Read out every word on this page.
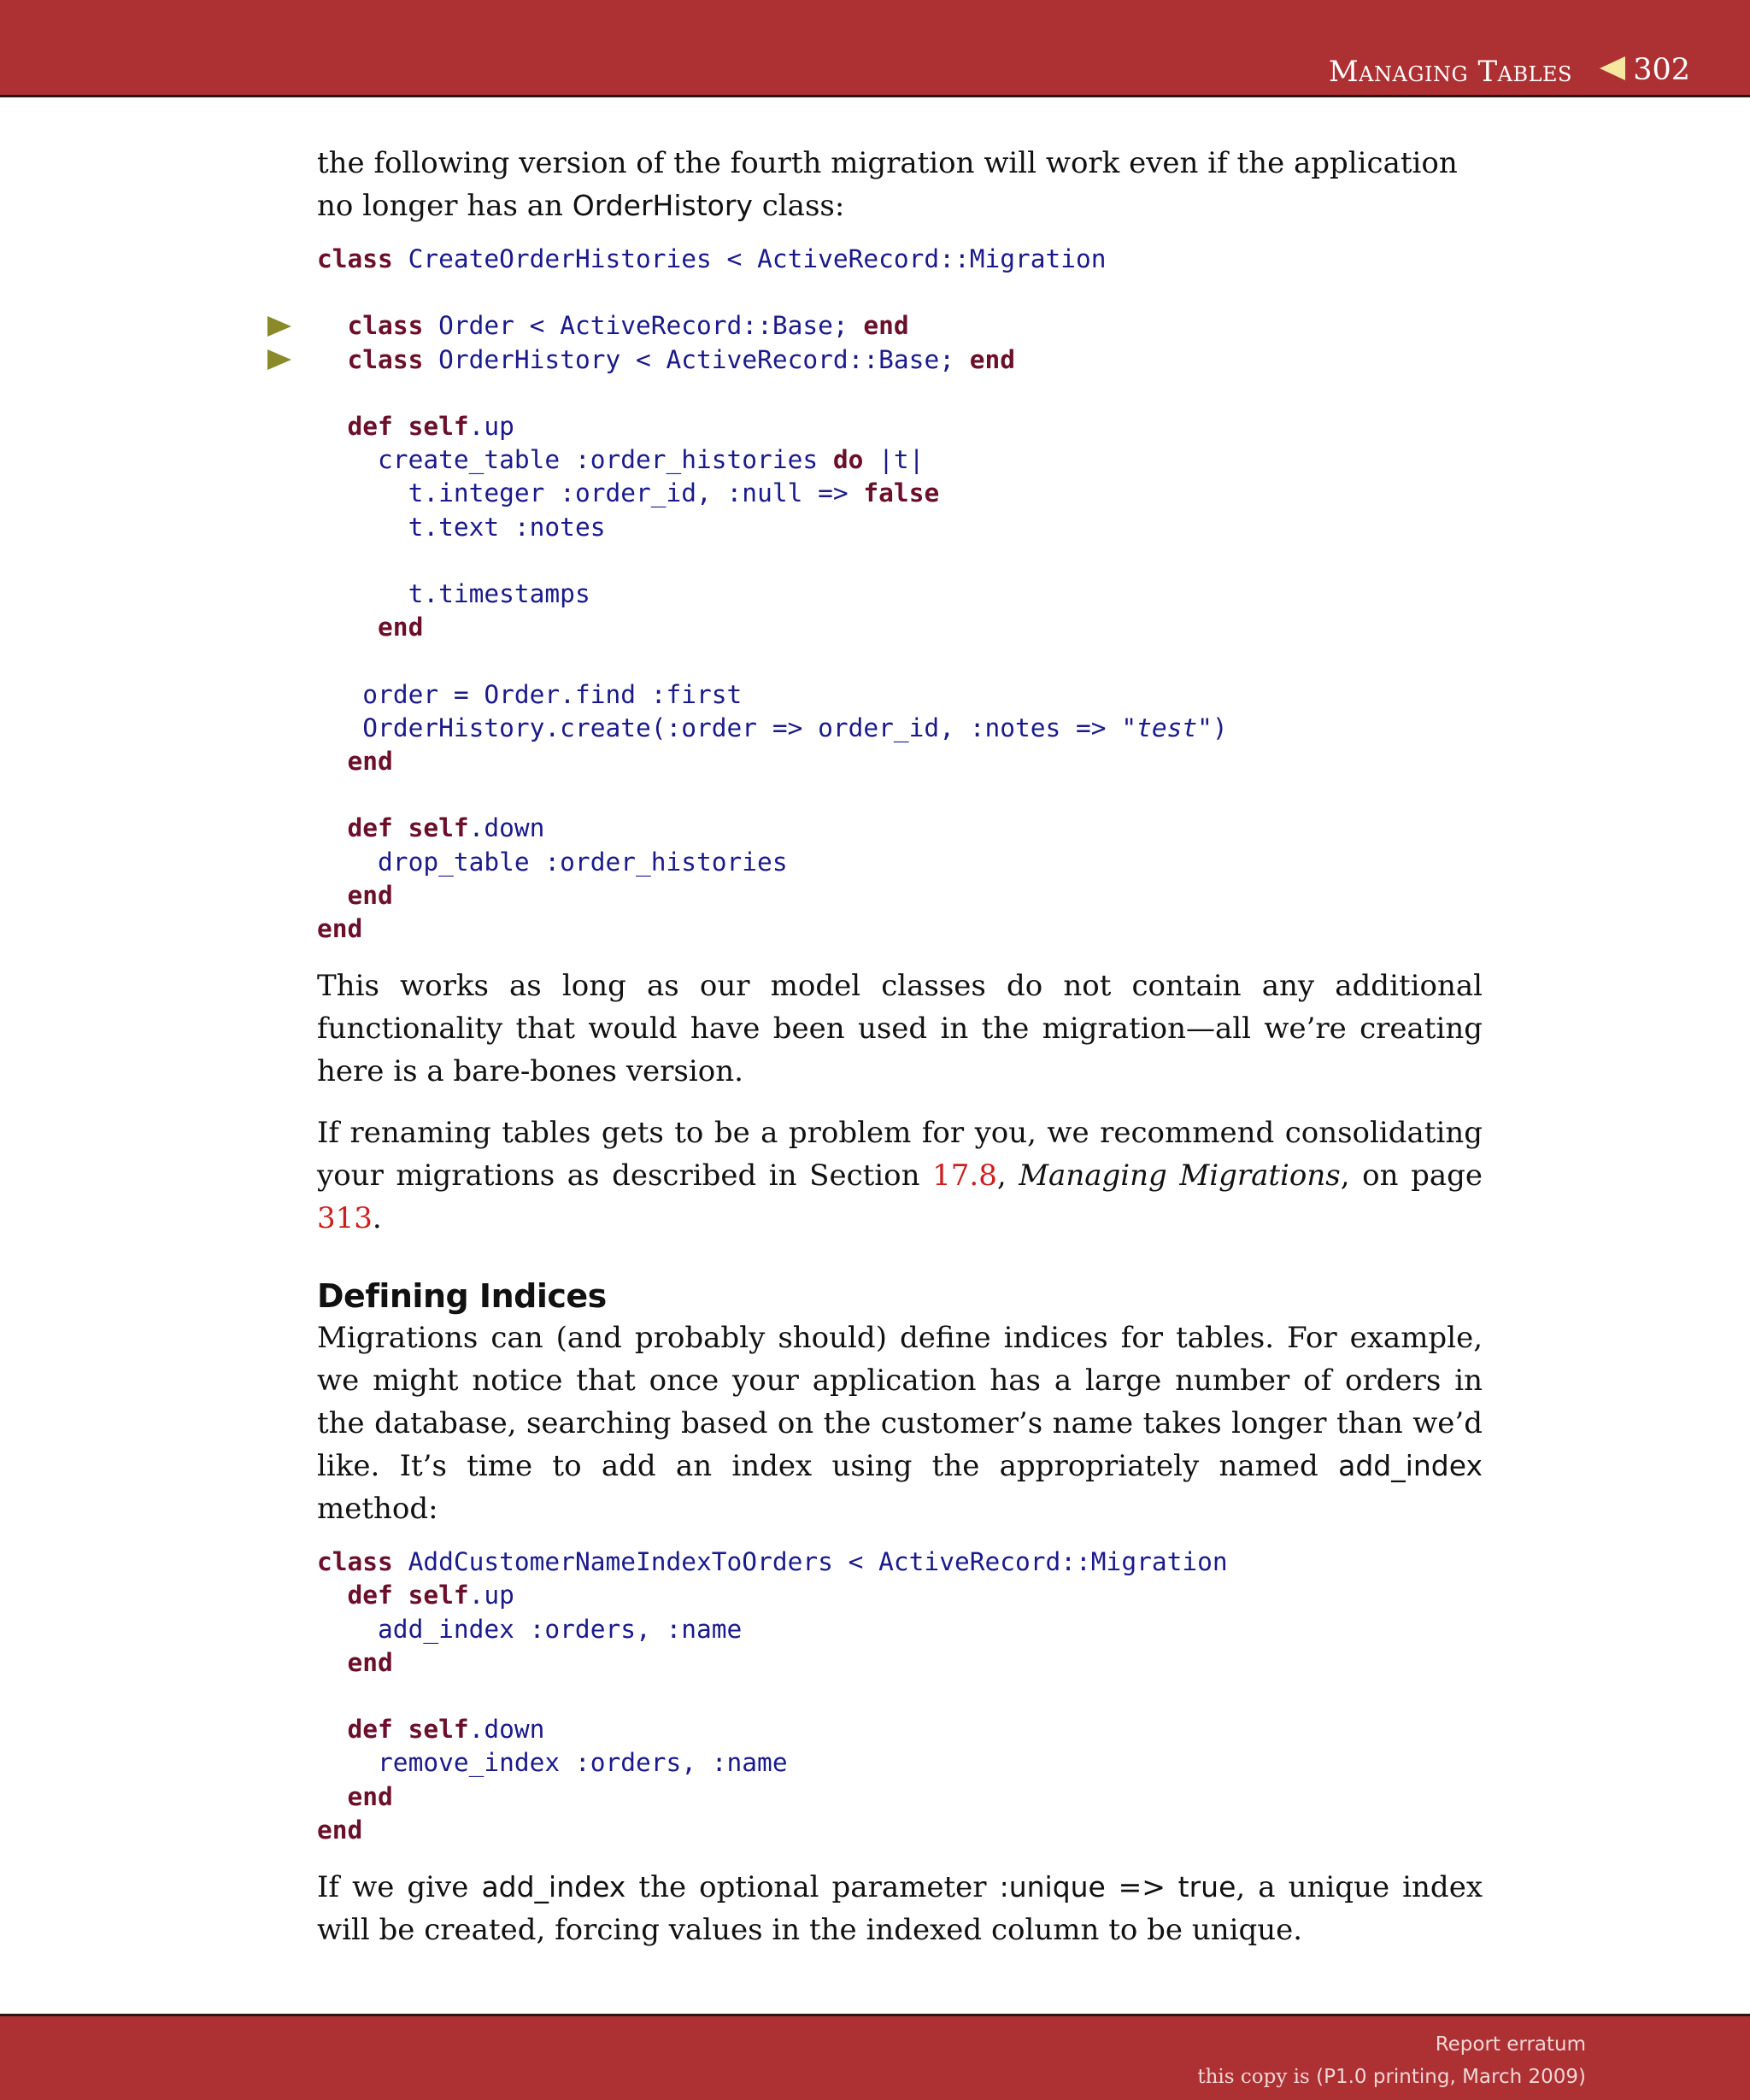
Managing Tables 302

the following version of the fourth migration will work even if the application
no longer has an OrderHistory class:

class CreateOrderHistories < ActiveRecord::Migration

class Order < ActiveRecord::Base; end

class OrderHistory < ActiveRecord::Base; end

def self.up
create_table :order_histories do |t|
t.integer :order_id, :null => false
t.text :notes

t.timestamps
end

order = Order.find :first
OrderHistory.create(:order => order_id, :notes => "test")
end

def self.down
drop_table :order_histories
end
end

This works as long as our model classes do not contain any additional functionality that would have been used in the migration—all we’re creating here is a bare-bones version.

If renaming tables gets to be a problem for you, we recommend consolidating your migrations as described in Section 17.8, Managing Migrations, on page 313.

Defining Indices

Migrations can (and probably should) define indices for tables. For example, we might notice that once your application has a large number of orders in the database, searching based on the customer’s name takes longer than we’d like. It’s time to add an index using the appropriately named add_index method:

class AddCustomerNameIndexToOrders < ActiveRecord::Migration
def self.up
add_index :orders, :name
end

def self.down
remove_index :orders, :name
end
end

If we give add_index the optional parameter :unique => true, a unique index will be created, forcing values in the indexed column to be unique.

Report erratum
this copy is (P1.0 printing, March 2009)
